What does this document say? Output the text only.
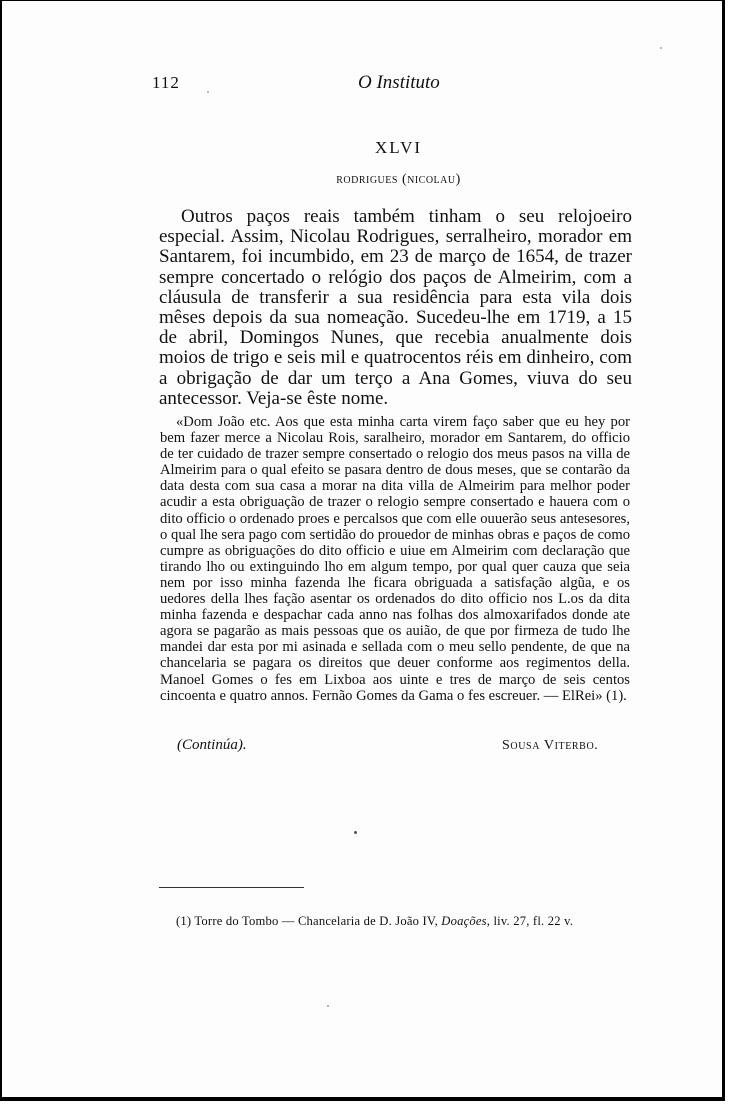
112	O Instituto
XLVI
rodrigues (nicolau)

Outros paços reais também tinham o seu relojoeiro especial. Assim, Nicolau Rodrigues, serralheiro, morador em Santarem, foi incumbido, em 23 de março de 1654, de trazer sempre concertado o relógio dos paços de Almeirim, com a cláusula de transferir a sua residência para esta vila dois mêses depois da sua nomeação. Sucedeu-lhe em 1719, a 15 de abril, Domingos Nunes, que recebia anualmente dois moios de trigo e seis mil e quatrocentos réis em dinheiro, com a obrigação de dar um terço a Ana Gomes, viuva do seu antecessor. Veja-se êste nome.

«Dom João etc. Aos que esta minha carta virem faço saber que eu hey por bem fazer merce a Nicolau Rois, saralheiro, morador em Santarem, do officio de ter cuidado de trazer sempre consertado o relogio dos meus pasos na villa de Almeirim para o qual efeito se pasara dentro de dous meses, que se contarão da data desta com sua casa a morar na dita villa de Almeirim para melhor poder acudir a esta obriguação de trazer o relogio sempre consertado e hauera com o dito officio o ordenado proes e percalsos que com elle ouuerão seus antesesores, o qual lhe sera pago com sertidão do prouedor de minhas obras e paços de como cumpre as obriguações do dito officio e uiue em Almeirim com declaração que tirando lho ou extinguindo lho em algum tempo, por qual quer cauza que seia nem por isso minha fazenda lhe ficara obriguada a satisfação algũa, e os uedores della lhes fação asentar os ordenados do dito officio nos L.os da dita minha fazenda e despachar cada anno nas folhas dos almoxarifados donde ate agora se pagarão as mais pessoas que os auião, de que por firmeza de tudo lhe mandei dar esta por mi asinada e sellada com o meu sello pendente, de que na chancelaria se pagara os direitos que deuer conforme aos regimentos della. Manoel Gomes o fes em Lixboa aos uinte e tres de março de seis centos cincoenta e quatro annos. Fernão Gomes da Gama o fes escreuer. — ElRei» (1).

(Continúa).	Sousa Viterbo.
(1) Torre do Tombo — Chancelaria de D. João IV, Doações, liv. 27, fl. 22 v.
